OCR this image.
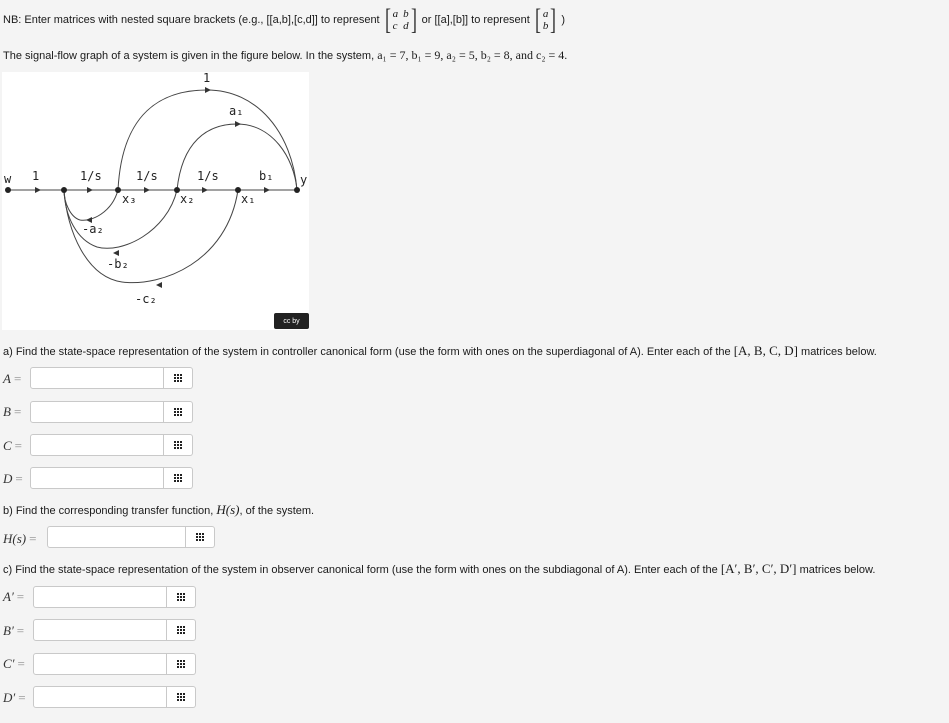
NB: Enter matrices with nested square brackets (e.g., [[a,b],[c,d]] to represent [ a b
c d ] or [[a],[b]] to represent [ a
b ] )
The signal-flow graph of a system is given in the figure below. In the system, a₁ = 7, b₁ = 9, a₂ = 5, b₂ = 8, and c₂ = 4.
w 1	1/s	1/s	1/s	b₁ y
1
a₁
x₃	x₂	x₁
-a₂
-b₂
-c₂
cc by
a) Find the state-space representation of the system in controller canonical form (use the form with ones on the superdiagonal of A). Enter each of the [A, B, C, D] matrices below.
A =
B =
C =
D =
b) Find the corresponding transfer function, H(s), of the system.
H(s) =
c) Find the state-space representation of the system in observer canonical form (use the form with ones on the subdiagonal of A). Enter each of the [A′, B′, C′, D′] matrices below.
A′ =
B′ =
C′ =
D′ =
